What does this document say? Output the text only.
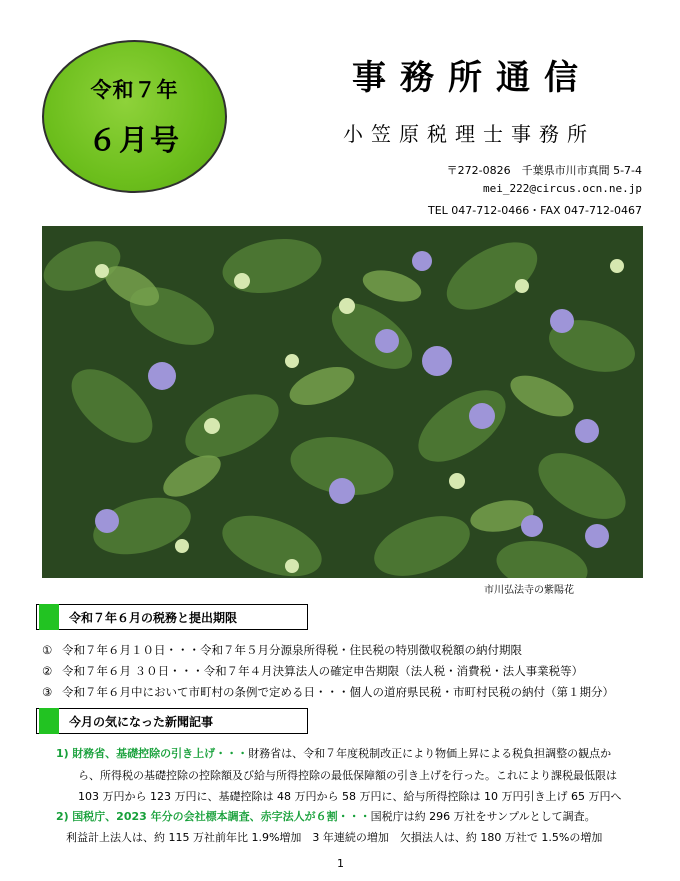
令和７年
６月号
事務所通信
小笠原税理士事務所
〒272-0826　千葉県市川市真間 5-7-4
mei_222@circus.ocn.ne.jp
TEL 047-712-0466・FAX 047-712-0467
市川弘法寺の紫陽花
令和７年６月の税務と提出期限
① 令和７年６月１０日・・・令和７年５月分源泉所得税・住民税の特別徴収税額の納付期限
② 令和７年６月 ３０日・・・令和７年４月決算法人の確定申告期限（法人税・消費税・法人事業税等）
③ 令和７年６月中において市町村の条例で定める日・・・個人の道府県民税・市町村民税の納付（第１期分）
今月の気になった新聞記事
1) 財務省、基礎控除の引き上げ・・・財務省は、令和７年度税制改正により物価上昇による税負担調整の観点か
ら、所得税の基礎控除の控除額及び給与所得控除の最低保障額の引き上げを行った。これにより課税最低限は
103 万円から 123 万円に、基礎控除は 48 万円から 58 万円に、給与所得控除は 10 万円引き上げ 65 万円へ
2) 国税庁、2023 年分の会社標本調査、赤字法人が６割・・・国税庁は約 296 万社をサンプルとして調査。
利益計上法人は、約 115 万社前年比 1.9%増加　3 年連続の増加　欠損法人は、約 180 万社で 1.5%の増加
1
